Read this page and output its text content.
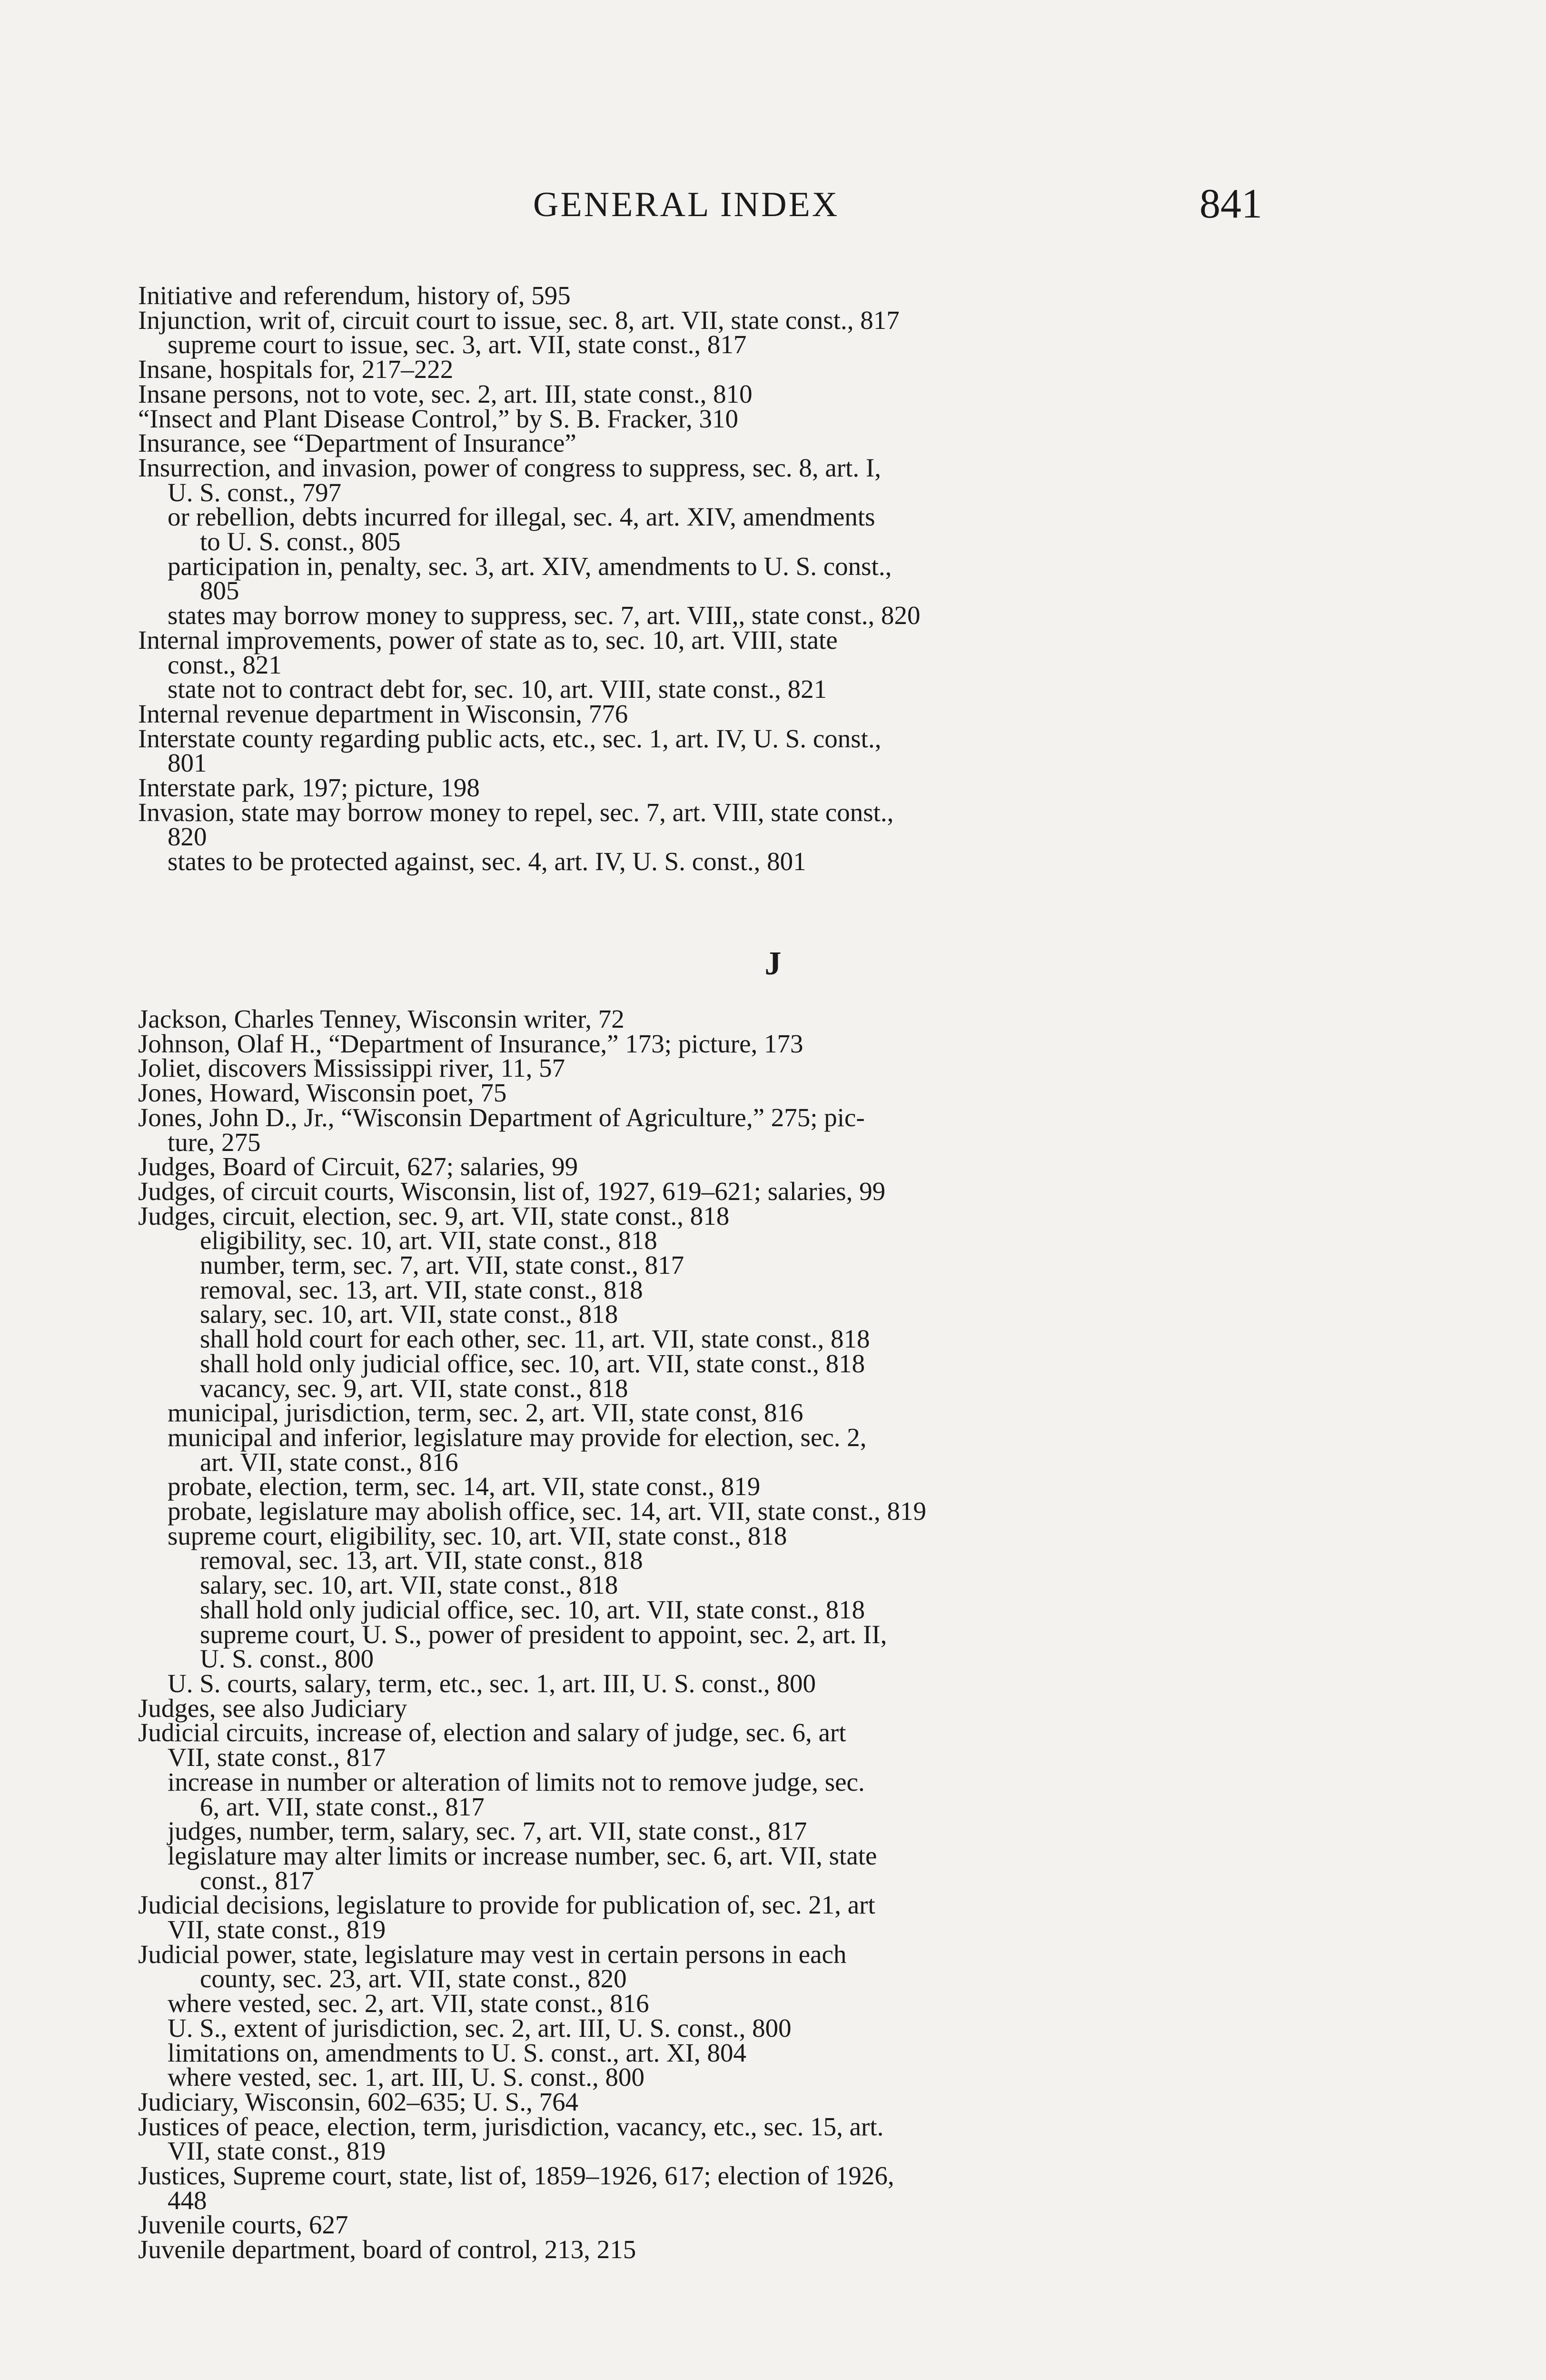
GENERAL INDEX	841
Initiative and referendum, history of, 595
Injunction, writ of, circuit court to issue, sec. 8, art. VII, state const., 817
supreme court to issue, sec. 3, art. VII, state const., 817
Insane, hospitals for, 217–222
Insane persons, not to vote, sec. 2, art. III, state const., 810
“Insect and Plant Disease Control,” by S. B. Fracker, 310
Insurance, see “Department of Insurance”
Insurrection, and invasion, power of congress to suppress, sec. 8, art. I,
U. S. const., 797
or rebellion, debts incurred for illegal, sec. 4, art. XIV, amendments
to U. S. const., 805
participation in, penalty, sec. 3, art. XIV, amendments to U. S. const.,
805
states may borrow money to suppress, sec. 7, art. VIII,, state const., 820
Internal improvements, power of state as to, sec. 10, art. VIII, state
const., 821
state not to contract debt for, sec. 10, art. VIII, state const., 821
Internal revenue department in Wisconsin, 776
Interstate county regarding public acts, etc., sec. 1, art. IV, U. S. const.,
801
Interstate park, 197; picture, 198
Invasion, state may borrow money to repel, sec. 7, art. VIII, state const.,
820
states to be protected against, sec. 4, art. IV, U. S. const., 801
J
Jackson, Charles Tenney, Wisconsin writer, 72
Johnson, Olaf H., “Department of Insurance,” 173; picture, 173
Joliet, discovers Mississippi river, 11, 57
Jones, Howard, Wisconsin poet, 75
Jones, John D., Jr., “Wisconsin Department of Agriculture,” 275; pic-
ture, 275
Judges, Board of Circuit, 627; salaries, 99
Judges, of circuit courts, Wisconsin, list of, 1927, 619–621; salaries, 99
Judges, circuit, election, sec. 9, art. VII, state const., 818
eligibility, sec. 10, art. VII, state const., 818
number, term, sec. 7, art. VII, state const., 817
removal, sec. 13, art. VII, state const., 818
salary, sec. 10, art. VII, state const., 818
shall hold court for each other, sec. 11, art. VII, state const., 818
shall hold only judicial office, sec. 10, art. VII, state const., 818
vacancy, sec. 9, art. VII, state const., 818
municipal, jurisdiction, term, sec. 2, art. VII, state const, 816
municipal and inferior, legislature may provide for election, sec. 2,
art. VII, state const., 816
probate, election, term, sec. 14, art. VII, state const., 819
probate, legislature may abolish office, sec. 14, art. VII, state const., 819
supreme court, eligibility, sec. 10, art. VII, state const., 818
removal, sec. 13, art. VII, state const., 818
salary, sec. 10, art. VII, state const., 818
shall hold only judicial office, sec. 10, art. VII, state const., 818
supreme court, U. S., power of president to appoint, sec. 2, art. II,
U. S. const., 800
U. S. courts, salary, term, etc., sec. 1, art. III, U. S. const., 800
Judges, see also Judiciary
Judicial circuits, increase of, election and salary of judge, sec. 6, art
VII, state const., 817
increase in number or alteration of limits not to remove judge, sec.
6, art. VII, state const., 817
judges, number, term, salary, sec. 7, art. VII, state const., 817
legislature may alter limits or increase number, sec. 6, art. VII, state
const., 817
Judicial decisions, legislature to provide for publication of, sec. 21, art
VII, state const., 819
Judicial power, state, legislature may vest in certain persons in each
county, sec. 23, art. VII, state const., 820
where vested, sec. 2, art. VII, state const., 816
U. S., extent of jurisdiction, sec. 2, art. III, U. S. const., 800
limitations on, amendments to U. S. const., art. XI, 804
where vested, sec. 1, art. III, U. S. const., 800
Judiciary, Wisconsin, 602–635; U. S., 764
Justices of peace, election, term, jurisdiction, vacancy, etc., sec. 15, art.
VII, state const., 819
Justices, Supreme court, state, list of, 1859–1926, 617; election of 1926,
448
Juvenile courts, 627
Juvenile department, board of control, 213, 215
